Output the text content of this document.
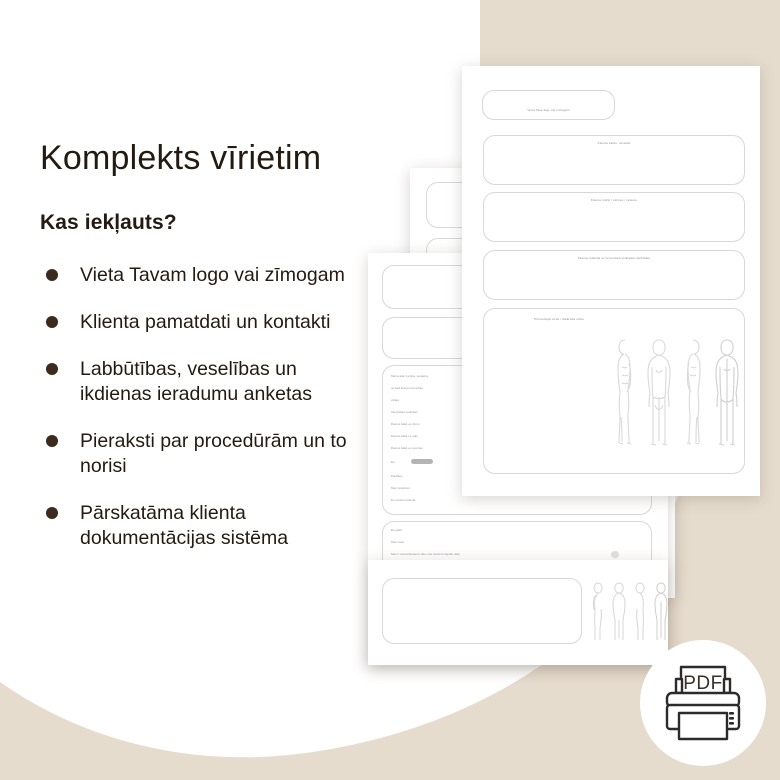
Mana āda ir jutīga, taukaina
un kad lietoju kosmētiku
vidēja
Alerģiskas reakcijas
Dienas laikā es dzeru
Dienas laikā es guļu
Dienas laikā es sportoju
Es
Piedalos
Mani ieradumi
Es cenšos ikdienā
Es gulēt
Mani ieda
Man ir sauss/taukains āda, kas ietekmē ikgadu laiku
Vieta Tava logo vai zīmogam
Klienta vārds, uzvārds
Klienta mērķi / vēlmes / vēsture
Klienta reakcija uz procedūrā veiktajām darbībām
Pirmreizēja vizīte / atkārtota vizīte
PDF
Komplekts vīrietim
Kas iekļauts?
Vieta Tavam logo vai zīmogam
Klienta pamatdati un kontakti
Labbūtības, veselības un ikdienas ieradumu anketas
Pieraksti par procedūrām un to norisi
Pārskatāma klienta dokumentācijas sistēma
